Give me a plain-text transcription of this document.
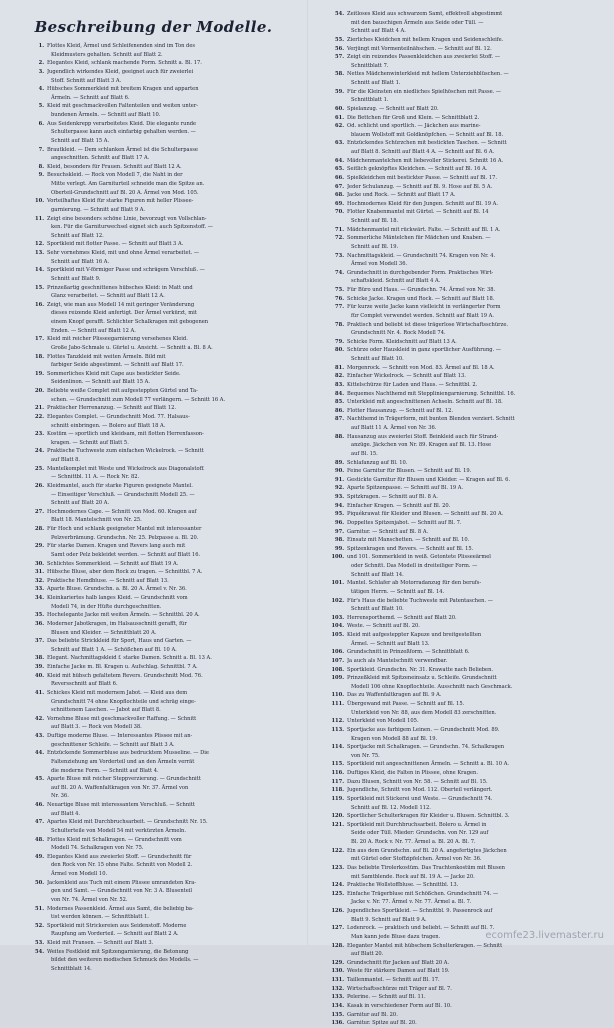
Beschreibung der Modelle.
1. Flottes Kleid, Ärmel und Schleifenenden sind im Ton des
Kleidmusters gehalten. Schnitt auf Blatt 2.
2. Elegantes Kleid, schlank machende Form. Schnitt a. Bl. 17.
3. Jugendlich wirkendes Kleid, geeignet auch für zweierlei
Stoff. Schnitt auf Blatt 3 A.
4. Hübsches Sommerkleid mit breitem Kragen und apparten
Ärmeln. — Schnitt auf Blatt 6.
5. Kleid mit geschmackvollen Faltenteilen und weiten unter-
bundenen Ärmeln. — Schnitt auf Blatt 10.
6. Aus Seidenkrepp verarbeitetes Kleid. Die elegante runde
Schulterpasse kann auch einfarbig gehalten werden. —
Schnitt auf Blatt 15 A.
7. Brautkleid. — Dem schlanken Ärmel ist die Schulterpasse
angeschnitten. Schnitt auf Blatt 17 A.
8. Kleid, besonders für Frauen. Schnitt auf Blatt 12 A.
9. Besuchskleid. — Rock von Modell 7, die Naht in der
Mitte verlegt. Am Garniturteil schneide man die Spitze an.
Oberteil-Grundschnitt auf Bl. 20 A. Ärmel von Mod. 105.
10. Vorteilhaftes Kleid für starke Figuren mit heller Plissee-
garnierung. — Schnitt auf Blatt 9 A.
11. Zeigt eine besonders schöne Linie, bevorzugt von Vollschlan-
ken. Für die Garniturwechsel eignet sich auch Spitzenstoff. —
Schnitt auf Blatt 12.
12. Sportkleid mit flotter Passe. — Schnitt auf Blatt 3 A.
13. Sehr vornehmes Kleid, mit und ohne Ärmel verarbeitet. —
Schnitt auf Blatt 16 A.
14. Sportkleid mit V-förmiger Passe und schrägem Verschluß. —
Schnitt auf Blatt 9.
15. Prinzeßartig geschnittenes hübsches Kleid: in Matt und
Glanz verarbeitet. — Schnitt auf Blatt 12 A.
16. Zeigt, wie man aus Modell 14 mit geringer Veränderung
dieses reizende Kleid anfertigt. Der Ärmel verkürzt, mit
einem Knopf gerafft. Schlichter Schalkragen mit gebogenen
Enden. — Schnitt auf Blatt 12 A.
17. Kleid mit reicher Plisseegarnierung versehenes Kleid.
Große Jabo-Schmale u. Gürtel u. Ansicht. — Schnitt a. Bl. 8 A.
18. Flottes Tanzkleid mit weiten Ärmeln. Bild mit
farbiger Seide abgestimmt. — Schnitt auf Blatt 17.
19. Sommerliches Kleid mit Cape aus bestickter Seide.
Seidenlinon. — Schnitt auf Blatt 15 A.
20. Beliebte weiße Complet mit aufgesteppten Gürtel und Ta-
schen. — Grundschnitt zum Modell 77 verlängern. — Schnitt 16 A.
21. Praktischer Herrenanzug. — Schnitt auf Blatt 12.
22. Elegantes Complet. — Grundschnitt Mod. 77. Halsaus-
schnitt einbringen. — Bolero auf Blatt 18 A.
23. Kostüm — sportlich und kleidsam, mit flotten Herrenfasson-
kragen. — Schnitt auf Blatt 5.
24. Praktische Tuchweste zum einfachen Wickelrock. — Schnitt
auf Blatt 8.
25. Mantelkomplet mit Weste und Wickelrock aus Diagonalstoff.
— Schnittbl. 11 A. — Rock Nr. 82.
26. Kleidmantel, auch für starke Figuren geeignete Mantel.
— Einseitiger Verschluß. — Grundschnitt Modell 25. —
Schnitt auf Blatt 20 A.
27. Hochmodernes Cape. — Schnitt von Mod. 60. Kragen auf
Blatt 18. Mantelschnitt von Nr. 25.
28. Für Hoch und schlank geeigneter Mantel mit interessanter
Pelzverbrämung. Grundschn. Nr. 25. Pelzpasse a. Bl. 20.
29. Für starke Damen. Kragen und Revers lang auch mit
Samt oder Pelz bekleidet werden. — Schnitt auf Blatt 16.
30. Schlichtes Sommerkleid. — Schnitt auf Blatt 19 A.
31. Hübsche Bluse, aber dem Rock zu tragen. — Schnittbl. 7 A.
32. Praktische Hemdbluse. — Schnitt auf Blatt 13.
33. Aparte Bluse. Grundschn. a. Bl. 20 A. Ärmel v. Nr. 36.
34. Kleinkariertes halb langes Kleid. — Grundschnitt vom
Modell 74, in der Hüfte durchgeschnitten.
35. Hochelegante Jacke mit weiten Ärmeln. — Schnittbl. 20 A.
36. Moderner Jabotkragen, im Halsausschnitt gerafft, für
Blusen und Kleider. — Schnittblatt 20 A.
37. Das beliebte Strickkleid für Sport, Haus und Garten. —
Schnitt auf Blatt 1 A. — Schößchen auf Bl. 10 A.
38. Elegant. Nachmittagskleid f. starke Damen. Schnitt a. Bl. 13 A.
39. Einfache Jacke m. Bl. Kragen u. Aufschlag. Schnittbl. 7 A.
40. Kleid mit hübsch gefaltetem Revers. Grundschnitt Mod. 76.
Reversschnitt auf Blatt 6.
41. Schickes Kleid mit modernem Jabot. — Kleid aus dem
Grundschnitt 74 ohne Knopflochteile und schräg einge-
schnittenem Laschen. — Jabot auf Blatt 8.
42. Vornehme Bluse mit geschmackvoller Raffung. — Schnitt
auf Blatt 3. — Rock von Modell 38.
43. Duftige moderne Bluse. — Interessantes Plissee mit an-
geschnittener Schleife. — Schnitt auf Blatt 3 A.
44. Entzückende Sommerbluse aus bedrucktem Musseline. — Die
Faltenziehung am Vorderteil und an den Ärmeln verrät
die moderne Form. — Schnitt auf Blatt 4.
45. Aparte Bluse mit reicher Steppverzierung. — Grundschnitt
auf Bl. 20 A. Waffenfaltkragen von Nr. 37. Ärmel von
Nr. 36.
46. Neuartige Bluse mit interessantem Verschluß. — Schnitt
auf Blatt 4.
47. Apartes Kleid mit Durchbruchsarbeit. — Grundschnitt Nr. 15.
Schulterteile von Modell 54 mit verkürzten Ärmeln.
48. Flottes Kleid mit Schalkragen. — Grundschnitt vom
Modell 74. Schalkragen von Nr. 75.
49. Elegantes Kleid aus zweierlei Stoff. — Grundschnitt für
den Rock von Nr. 15 ohne Falte. Schnitt von Modell 2.
Ärmel von Modell 10.
50. Jackenkleid aus Tuch mit einem Plissee umrandeten Kra-
gen und Samt. — Grundschnitt von Nr. 3 A. Blusenteil
von Nr. 74. Ärmel von Nr. 52.
51. Modernes Passenkleid. Ärmel aus Samt, die beliebig ba-
tist werden können. — Schnittblatt 1.
52. Sportkleid mit Strickereien aus Seidenstoff. Moderne
Raupfung am Vorderteil. — Schnitt auf Blatt 2 A.
53. Kleid mit Fransen. — Schnitt auf Blatt 3.
54. Weites Festkleid mit Spitzengarnierung, die Betonung
bildet den weiteren modischen Schmuck des Modells. —
Schnittblatt 14.
54. Zeitloses Kleid aus schwarzem Samt, effektvoll abgestimmt
mit den bauschigen Ärmeln aus Seide oder Tüll. —
Schnitt auf Blatt 4 A.
55. Zierliches Kleidchen mit hellem Kragen und Seidenschleife.
56. Verjüngt mit Vormenteilnähschen. — Schnitt auf Bl. 12.
57. Zeigt ein reizendes Passenkleidchen aus zweierlei Stoff. —
Schnittblatt 7.
58. Nettes Mädchenwinterkleid mit hellem Unterziehblüschen. —
Schnitt auf Blatt 1.
59. Für die Kleinsten ein niedliches Spielhöschen mit Passe. —
Schnittblatt 1.
60. Spielanzug. — Schnitt auf Blatt 20.
61. Die Bettchen für Groß und Klein. — Schnittblatt 2.
62. Od. schlicht und sportlich. — Jäckchen aus marine-
blauem Wollstoff mit Goldknöpfchen. — Schnitt auf Bl. 18.
63. Entzückendes Schürzchen mit bestickten Taschen. — Schnitt
auf Blatt 8. Schnitt auf Blatt 4 A. — Schnitt auf Bl. 6 A.
64. Mädchenmantelchen mit liebevoller Stickerei. Schnitt 16 A.
65. Seitlich geknöpftes Kleidchen. — Schnitt auf Bl. 16 A.
66. Spielkleidchen mit bestickter Passe. — Schnitt auf Bl. 17.
67. Jeder Schulanzug. — Schnitt auf Bl. 9. Hose auf Bl. 5 A.
68. Jacke und Rock. — Schnitt auf Blatt 17 A.
69. Hochmodernes Kleid für den Jungen. Schnitt auf Bl. 19 A.
70. Flotter Knabenmantel mit Gürtel. — Schnitt auf Bl. 14
Schnitt auf Bl. 18.
71. Mädchenmantel mit rückwärt. Falte. — Schnitt auf Bl. 1 A.
72. Sommerliche Mäntelchen für Mädchen und Knaben. —
Schnitt auf Bl. 19.
73. Nachmittagskleid. — Grundschnitt 74. Kragen von Nr. 4.
Ärmel von Modell 36.
74. Grundschnitt in durchgebender Form. Praktisches Wirt-
schaftskleid. Schnitt auf Blatt 4 A.
75. Für Büro und Haus. — Grundschn. 74. Ärmel von Nr. 38.
76. Schicke Jacke. Kragen und Rock. — Schnitt auf Blatt 18.
77. Für kurze weite Jacke kann vielleicht in verlängerter Form
für Complet verwendet werden. Schnitt auf Blatt 19 A.
78. Praktisch und beliebt ist diese trägerlose Wirtschaftsschürze.
Grundschnitt Nr. 4. Rock Modell 74.
79. Schicke Form. Kleidschnitt auf Blatt 13 A.
80. Schürze oder Hauskleid in ganz sportlicher Ausführung. —
Schnitt auf Blatt 10.
81. Morgenrock. — Schnitt von Mod. 83. Ärmel auf Bl. 18 A.
82. Einfacher Wickelrock. — Schnitt auf Blatt 13.
83. Kittelschürze für Laden und Haus. — Schnittbl. 2.
84. Bequemes Nachthemd mit Steppliniengarnierung. Schnittbl. 16.
85. Unterkleid mit angeschnittenen Achseln. Schnitt auf Bl. 18.
86. Flotter Hausanzug. — Schnitt auf Bl. 12.
87. Nachthemd in Trägerform, mit bunten Blenden verziert. Schnitt
auf Blatt 11 A. Ärmel von Nr. 36.
88. Hausanzug aus zweierlei Stoff. Beinkleid auch für Strand-
anzüge. Jäckchen von Nr. 89. Kragen auf Bl. 13. Hose
auf Bl. 15.
89. Schlafanzug auf Bl. 10.
90. Feine Garnitur für Blusen. — Schnitt auf Bl. 19.
91. Gestickte Garnitur für Blusen und Kleider. — Kragen auf Bl. 6.
92. Aparte Spitzenpasse. — Schnitt auf Bl. 19 A.
93. Spitzkragen. — Schnitt auf Bl. 8 A.
94. Einfacher Kragen. — Schnitt auf Bl. 20.
95. Piquékrawat für Kleider und Blusen. — Schnitt auf Bl. 20 A.
96. Doppeltes Spitzenjabot. — Schnitt auf Bl. 7.
97. Garnitur. — Schnitt auf Bl. 8 A.
98. Einsatz mit Manschetten. — Schnitt auf Bl. 10.
99. Spitzenkragen und Revers. — Schnitt auf Bl. 15.
100. und 101. Sommerkleid in weiß. Getontete Plisseeärmel
oder Schnitt. Das Modell in dreiteiliger Form. —
Schnitt auf Blatt 14.
101. Mantel. Schlafer ab Motorradanzug für den berufs-
tätigen Herrn. — Schnitt auf Bl. 14.
102. Für's Haus die beliebte Tuchweste mit Patentaschen. —
Schnitt auf Blatt 10.
103. Herrensporthemd. — Schnitt auf Blatt 20.
104. Weste. — Schnitt auf Bl. 20.
105. Kleid mit aufgesteppter Kapuze und breitgestellten
Ärmel. — Schnitt auf Blatt 13.
106. Grundschnitt in Prinzeßform. — Schnittblatt 6.
107. Ja auch als Mantelschnitt verwendbar.
108. Sportkleid. Grundschn. Nr. 31. Krawatte nach Belieben.
109. Prinzeßkleid mit Spitzeneinsatz u. Schleife. Grundschnitt
Modell 106 ohne Knopflochteile. Ausschnitt nach Geschmack.
110. Das zu Waffenfaltkragen auf Bl. 9 A.
111. Übergewand mit Passe. — Schnitt auf Bl. 15.
Unterkleid von Nr. 88, aus dem Modell 83 zerschnitten.
112. Unterkleid von Modell 105.
113. Sportjacke aus farbigem Leinen. — Grundschnitt Mod. 89.
Kragen von Modell 88 auf Bl. 19.
114. Sportjacke mit Schalkragen. — Grundschn. 74. Schalkragen
von Nr. 75.
115. Sportkleid mit angeschnittenen Ärmeln. — Schnitt a. Bl. 10 A.
116. Duftiges Kleid, die Falten in Plissee, ohne Kragen.
117. Dazu Blusen, Schnitt von Nr. 58. — Schnitt auf Bl. 15.
118. Jugendliche, Schnitt von Mod. 112. Oberteil verlängert.
119. Sportkleid mit Stickerei und Weste. — Grundschnitt 74.
Schnitt auf Bl. 12. Modell 112.
120. Sportlicher Schulterkragen für Kleider u. Blusen. Schnittbl. 3.
121. Sportkleid mit Durchbruchsarbeit. Bolero u. Ärmel in
Seide oder Tüll. Mieder: Grundschn. von Nr. 129 auf
Bl. 20 A. Rock v. Nr. 77. Ärmel a. Bl. 20 A. Bl. 7.
122. Ein aus dem Grundschn. auf Bl. 20 A. angefertigtes Jäckchen
mit Gürtel oder Stoffzipfelchen. Ärmel von Nr. 36.
123. Das beliebte Tirolerkostüm. Das Trachtenkostüm mit Blusen
mit Samtblende. Rock auf Bl. 19 A. — Jacke 20.
124. Praktische Wollstoffbluse. — Schnittbl. 13.
125. Einfache Trägerbluse mit Schößchen. Grundschnitt 74. —
Jacke v. Nr. 77. Ärmel v. Nr. 77. Ärmel a. Bl. 7.
126. Jugendliches Sportkleid. — Schnittbl. 9. Passenrock auf
Blatt 9. Schnitt auf Blatt 9 A.
127. Lodenrock. — praktisch und beliebt. — Schnitt auf Bl. 7.
Man kann jede Bluse dazu tragen.
128. Eleganter Mantel mit hübschem Schulterkragen. — Schnitt
auf Blatt 20.
129. Grundschnitt für Jacken auf Blatt 20 A.
130. Weste für stärkere Damen auf Blatt 19.
131. Taillenmantel. — Schnitt auf Bl. 17.
132. Wirtschaftsschürze mit Träger auf Bl. 7.
133. Pelerine. — Schnitt auf Bl. 11.
134. Kasak in verschiedener Form auf Bl. 10.
135. Garnitur auf Bl. 20.
136. Garnitur. Spitze auf Bl. 20.
ecomfe23.livemaster.ru
